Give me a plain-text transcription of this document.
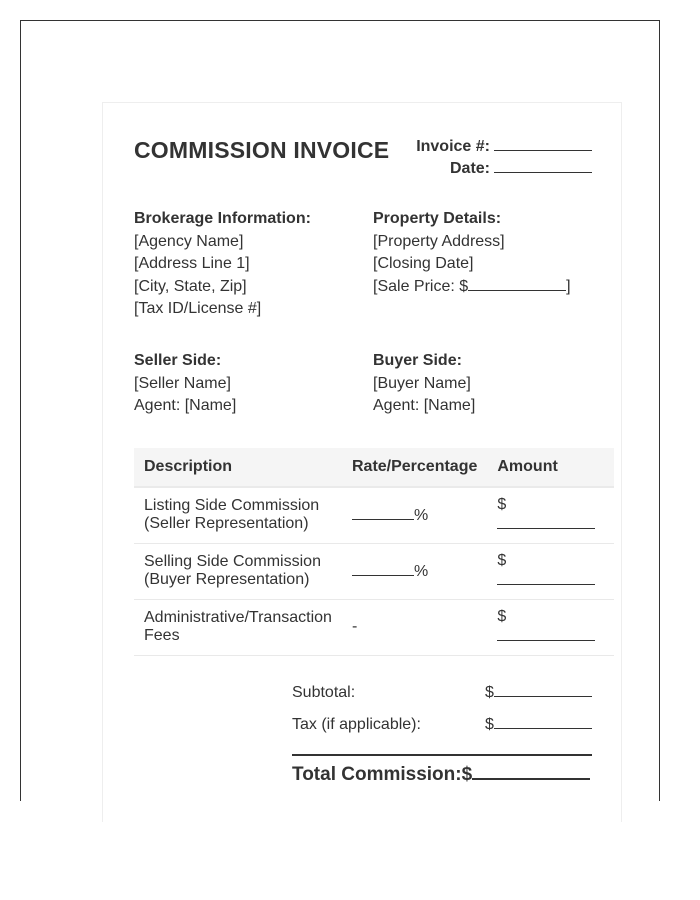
COMMISSION INVOICE Invoice #:
Date:
Brokerage Information:
[Agency Name]
[Address Line 1]
[City, State, Zip]
[Tax ID/License #]
Property Details:
[Property Address]
[Closing Date]
[Sale Price: $	]
Seller Side:
[Seller Name]
Agent: [Name]
Buyer Side:
[Buyer Name]
Agent: [Name]
Description	Rate/Percentage	Amount

Listing Side Commission
(Seller Representation)	%	$

Selling Side Commission
(Buyer Representation)	%	$

Administrative/Transaction
Fees	-	$
Subtotal:	$
Tax (if applicable):	$
Total Commission:$
